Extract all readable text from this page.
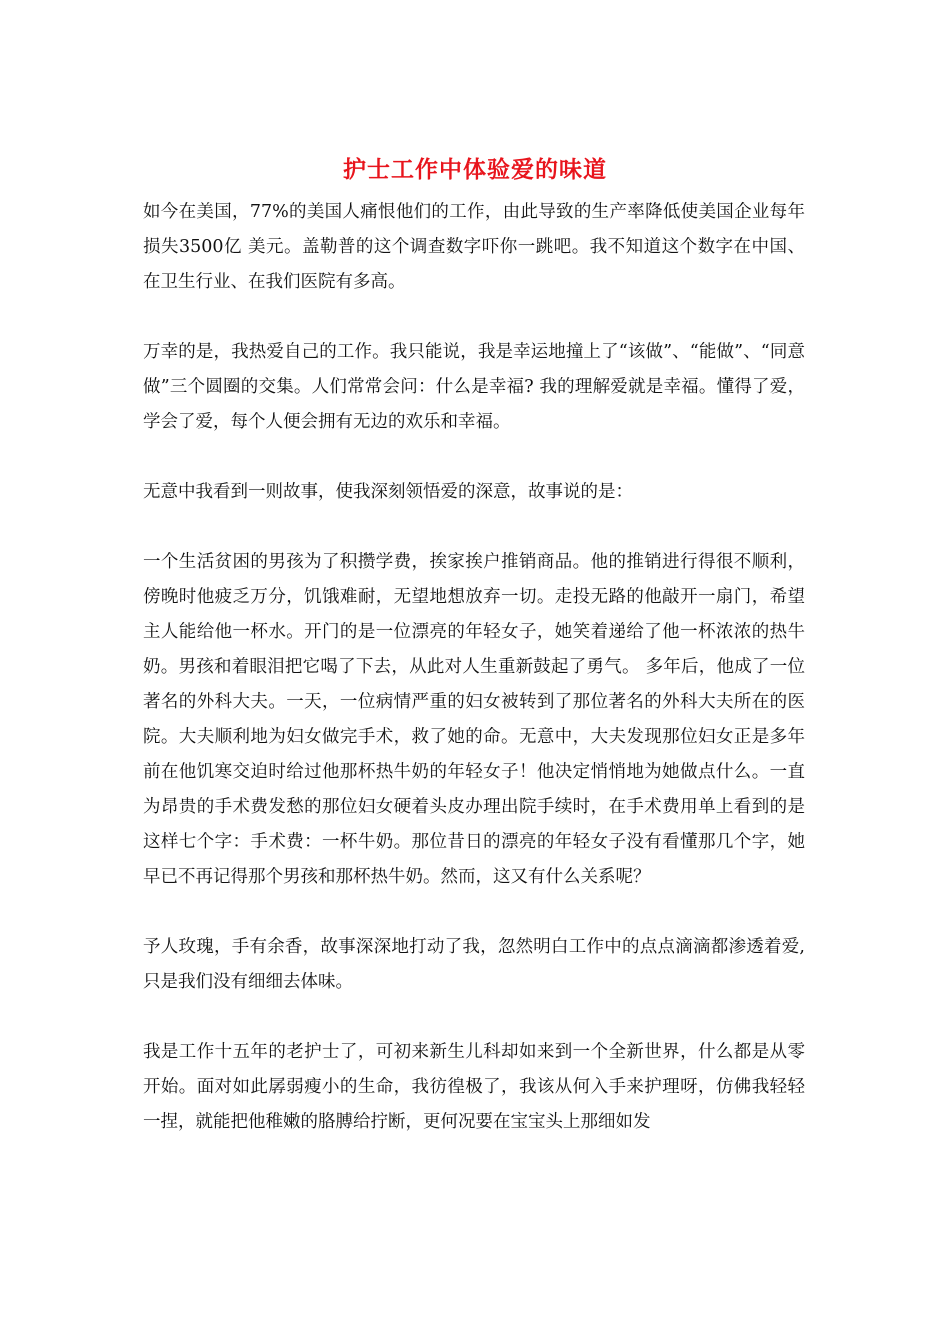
护士工作中体验爱的味道

如今在美国，77%的美国人痛恨他们的工作，由此导致的生产率降低使美国企业每年损失3500亿 美元。盖勒普的这个调查数字吓你一跳吧。我不知道这个数字在中国、在卫生行业、在我们医院有多高。

万幸的是，我热爱自己的工作。我只能说，我是幸运地撞上了“该做”、“能做”、“同意做”三个圆圈的交集。人们常常会问：什么是幸福? 我的理解爱就是幸福。懂得了爱，学会了爱，每个人便会拥有无边的欢乐和幸福。

无意中我看到一则故事，使我深刻领悟爱的深意，故事说的是：

一个生活贫困的男孩为了积攒学费，挨家挨户推销商品。他的推销进行得很不顺利，傍晚时他疲乏万分，饥饿难耐，无望地想放弃一切。走投无路的他敲开一扇门，希望主人能给他一杯水。开门的是一位漂亮的年轻女子，她笑着递给了他一杯浓浓的热牛奶。男孩和着眼泪把它喝了下去，从此对人生重新鼓起了勇气。 多年后，他成了一位著名的外科大夫。一天，一位病情严重的妇女被转到了那位著名的外科大夫所在的医院。大夫顺利地为妇女做完手术，救了她的命。无意中，大夫发现那位妇女正是多年前在他饥寒交迫时给过他那杯热牛奶的年轻女子！他决定悄悄地为她做点什么。一直为昂贵的手术费发愁的那位妇女硬着头皮办理出院手续时，在手术费用单上看到的是这样七个字：手术费：一杯牛奶。那位昔日的漂亮的年轻女子没有看懂那几个字，她早已不再记得那个男孩和那杯热牛奶。然而，这又有什么关系呢？

予人玫瑰，手有余香，故事深深地打动了我，忽然明白工作中的点点滴滴都渗透着爱,只是我们没有细细去体味。

我是工作十五年的老护士了，可初来新生儿科却如来到一个全新世界，什么都是从零开始。面对如此孱弱瘦小的生命，我彷徨极了，我该从何入手来护理呀，仿佛我轻轻一捏，就能把他稚嫩的胳膊给拧断，更何况要在宝宝头上那细如发
